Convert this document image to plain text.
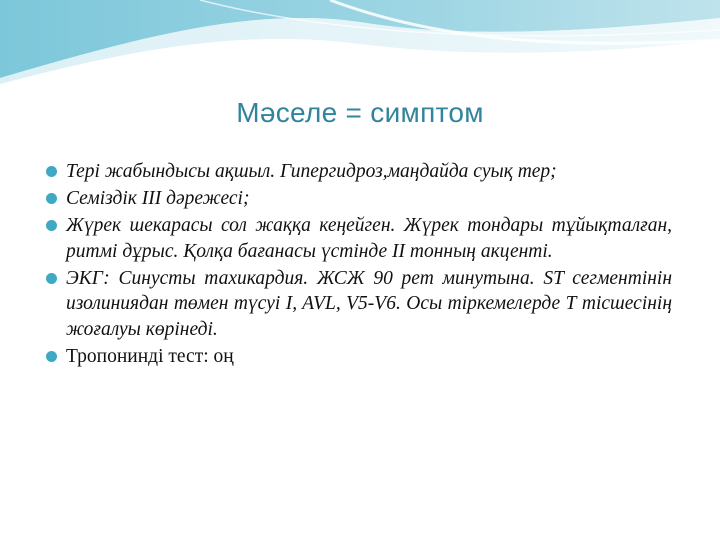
Мәселе = симптом
Тері жабындысы ақшыл. Гипергидроз,маңдайда суық тер;
Семіздік ІІІ дәрежесі;
Жүрек шекарасы сол жаққа кеңейген. Жүрек тондары тұйықталған, ритмі дұрыс. Қолқа бағанасы үстінде ІІ тонның акценті.
ЭКГ: Синусты тахикардия. ЖСЖ 90 рет минутына. ST сегментінін изолиниядан төмен түсуі I, AVL, V5-V6. Осы тіркемелерде Т тісшесінің жоғалуы көрінеді.
Тропонинді тест: оң
